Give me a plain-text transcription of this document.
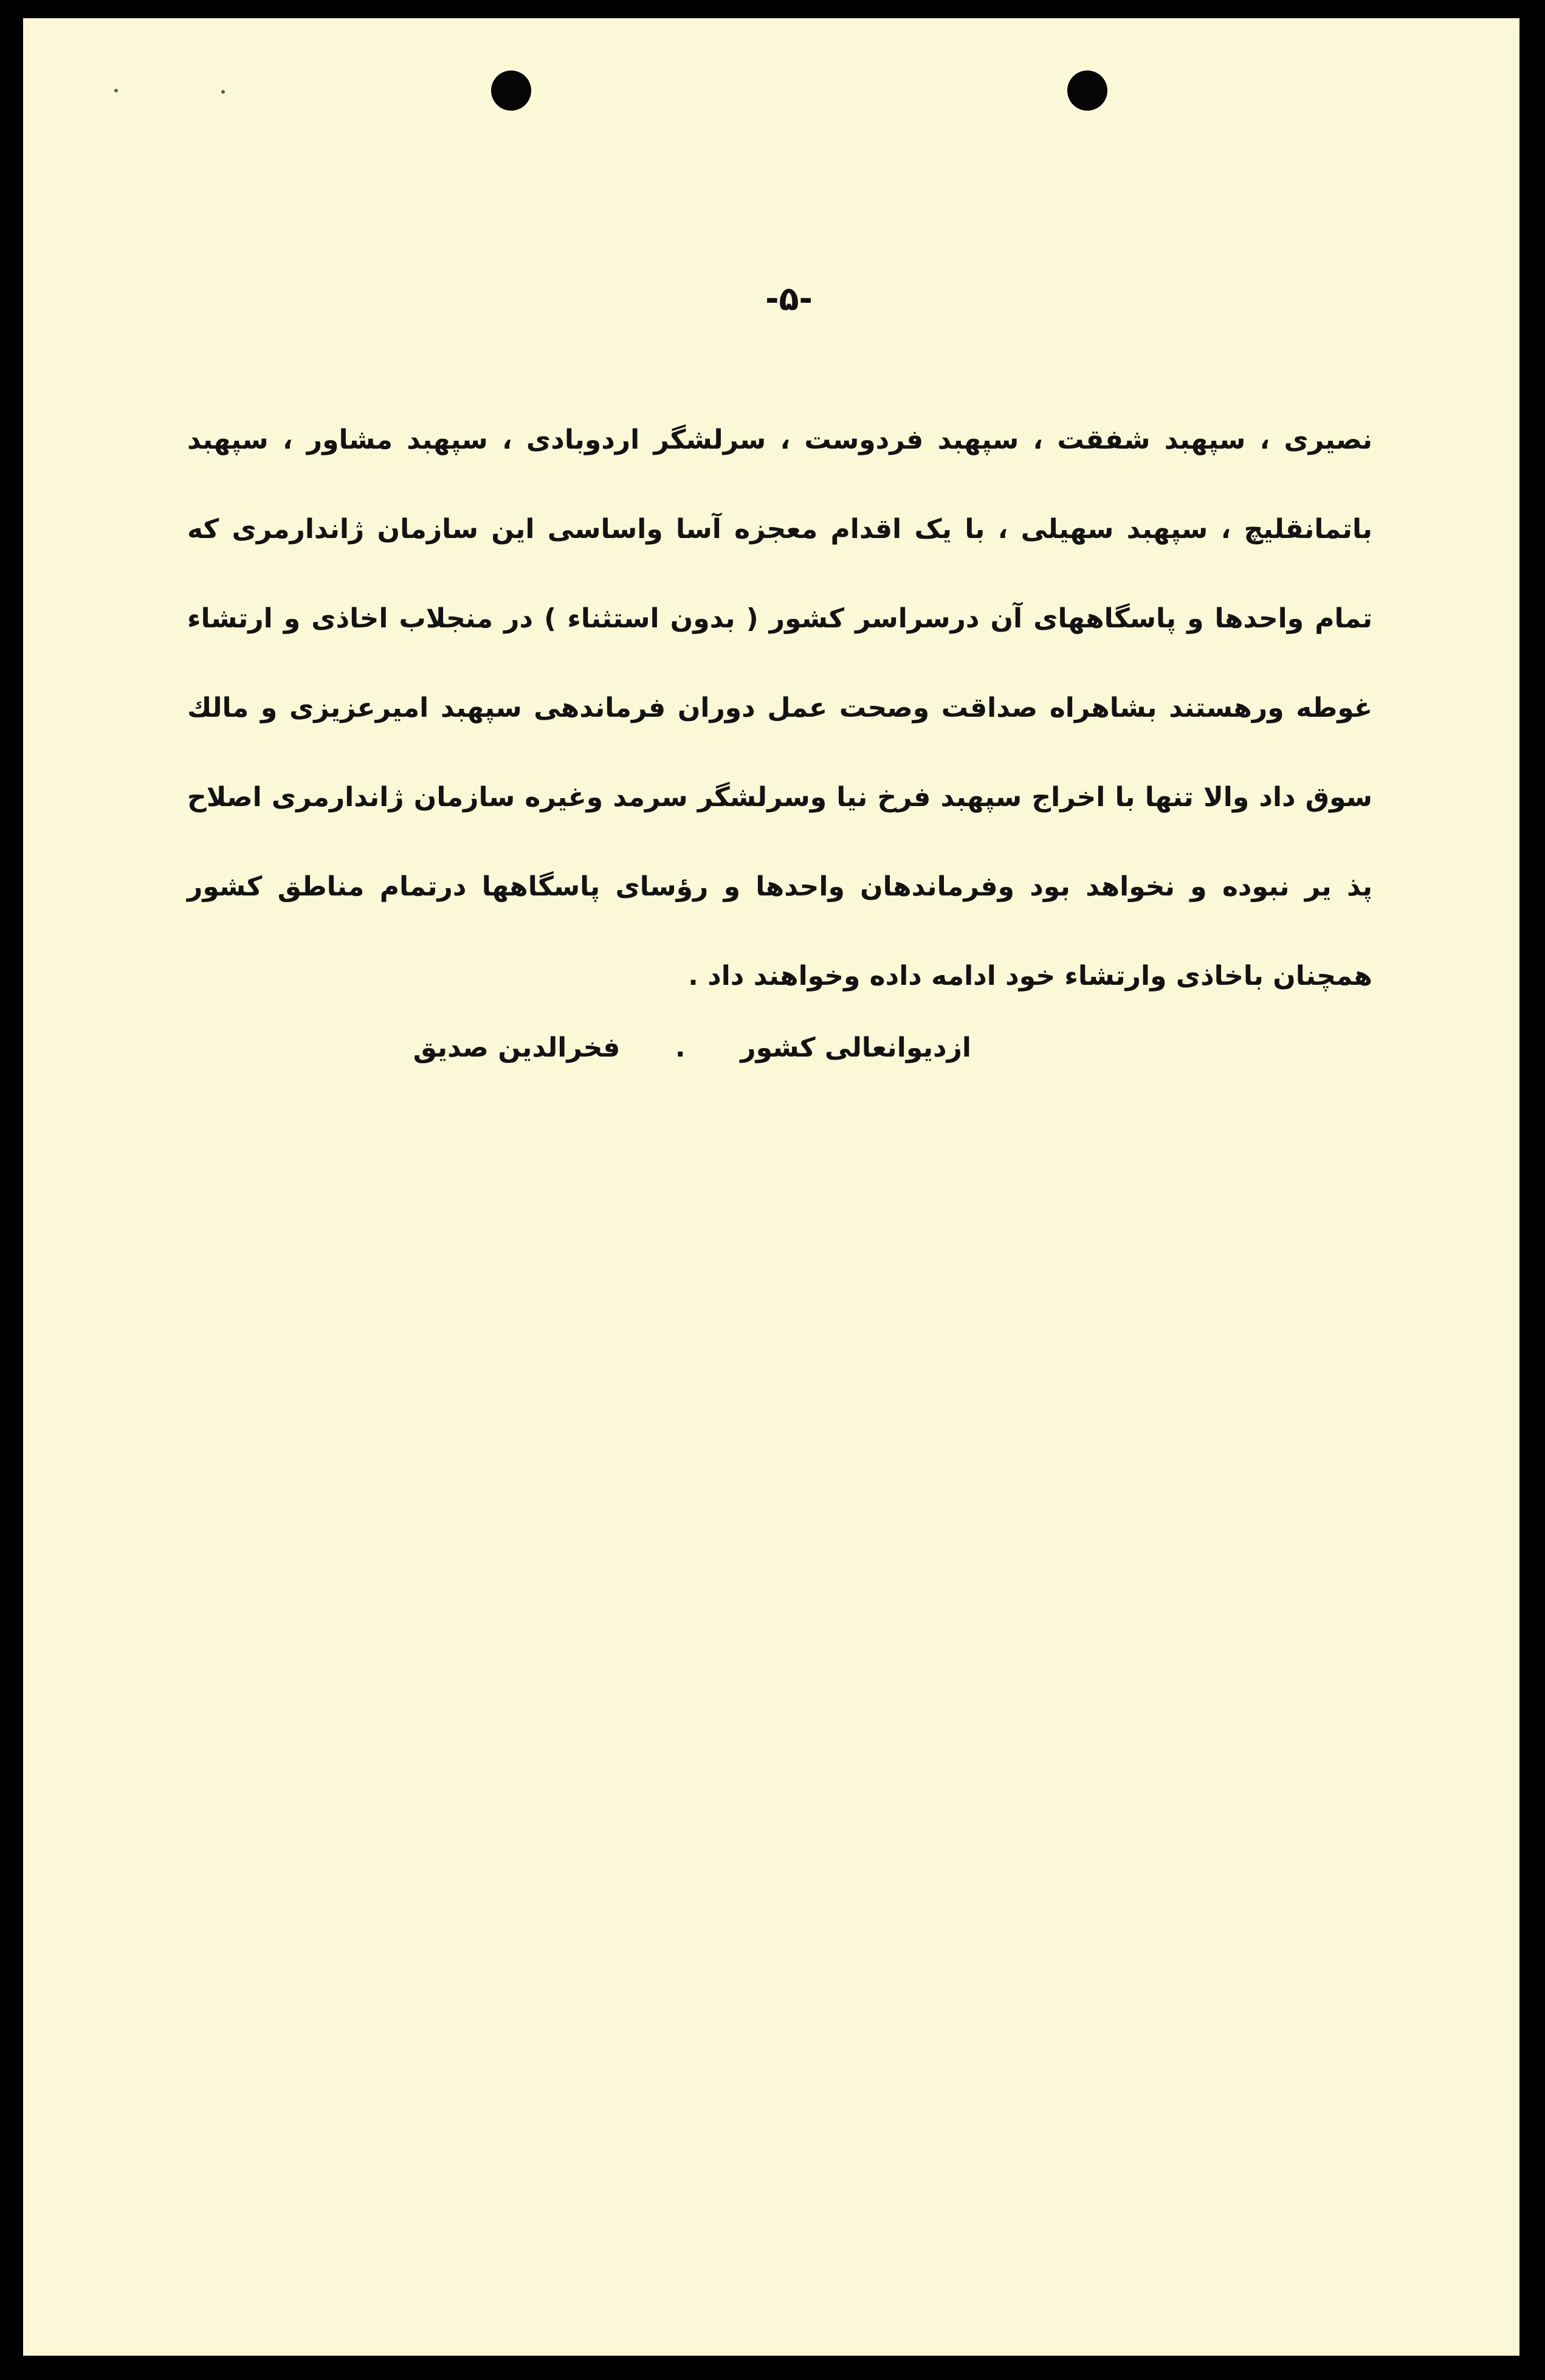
-۵-
نصیری ، سپهبد شفقت ، سپهبد فردوست ، سرلشگر اردوبادی ، سپهبد مشاور ، سپهبد باتمانقلیچ ، سپهبد سهیلی ، با یک اقدام معجزه آسا واساسی این سازمان ژاندارمری که تمام واحدها و پاسگاههای آن درسراسر کشور ( بدون استثناء ) در منجلاب اخاذی و ارتشاء غوطه ورهستند بشاهراه صداقت وصحت عمل دوران فرماندهی سپهبد امیرعزیزی و مالك سوق داد والا تنها با اخراج سپهبد فرخ نیا وسرلشگر سرمد وغیره سازمان ژاندارمری اصلاح پذ یر نبوده و نخواهد بود وفرماندهان واحدها و رؤسای پاسگاهها درتمام مناطق کشور همچنان باخاذی وارتشاء خود ادامه داده وخواهند داد .
ازدیوانعالی کشور  .  فخرالدین صدیق
